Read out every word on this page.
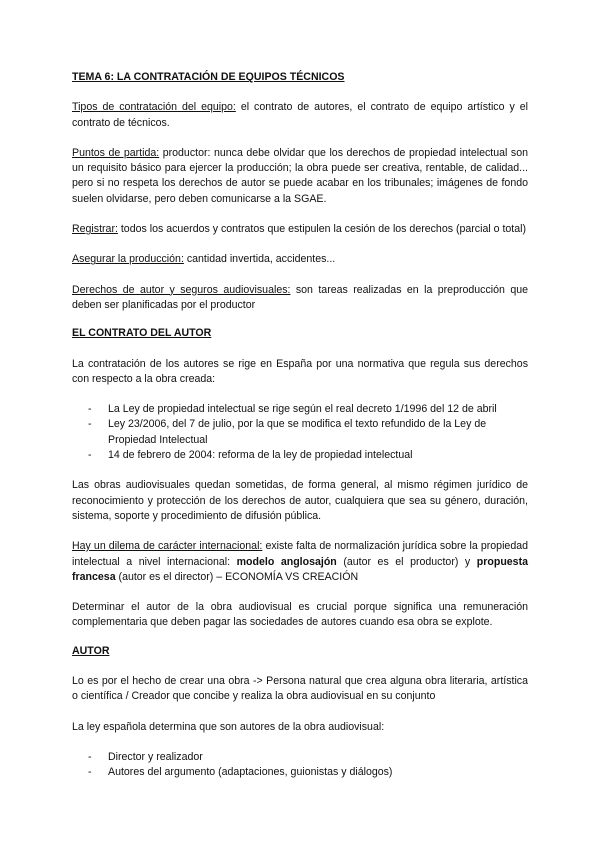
TEMA 6: LA CONTRATACIÓN DE EQUIPOS TÉCNICOS

Tipos de contratación del equipo: el contrato de autores, el contrato de equipo artístico y el contrato de técnicos.

Puntos de partida: productor: nunca debe olvidar que los derechos de propiedad intelectual son un requisito básico para ejercer la producción; la obra puede ser creativa, rentable, de calidad... pero si no respeta los derechos de autor se puede acabar en los tribunales; imágenes de fondo suelen olvidarse, pero deben comunicarse a la SGAE.

Registrar: todos los acuerdos y contratos que estipulen la cesión de los derechos (parcial o total)

Asegurar la producción: cantidad invertida, accidentes...

Derechos de autor y seguros audiovisuales: son tareas realizadas en la preproducción que deben ser planificadas por el productor

EL CONTRATO DEL AUTOR

La contratación de los autores se rige en España por una normativa que regula sus derechos con respecto a la obra creada:

- La Ley de propiedad intelectual se rige según el real decreto 1/1996 del 12 de abril
- Ley 23/2006, del 7 de julio, por la que se modifica el texto refundido de la Ley de Propiedad Intelectual
- 14 de febrero de 2004: reforma de la ley de propiedad intelectual

Las obras audiovisuales quedan sometidas, de forma general, al mismo régimen jurídico de reconocimiento y protección de los derechos de autor, cualquiera que sea su género, duración, sistema, soporte y procedimiento de difusión pública.

Hay un dilema de carácter internacional: existe falta de normalización jurídica sobre la propiedad intelectual a nivel internacional: modelo anglosajón (autor es el productor) y propuesta francesa (autor es el director) – ECONOMÍA VS CREACIÓN

Determinar el autor de la obra audiovisual es crucial porque significa una remuneración complementaria que deben pagar las sociedades de autores cuando esa obra se explote.

AUTOR

Lo es por el hecho de crear una obra -> Persona natural que crea alguna obra literaria, artística o científica / Creador que concibe y realiza la obra audiovisual en su conjunto

La ley española determina que son autores de la obra audiovisual:

- Director y realizador
- Autores del argumento (adaptaciones, guionistas y diálogos)
